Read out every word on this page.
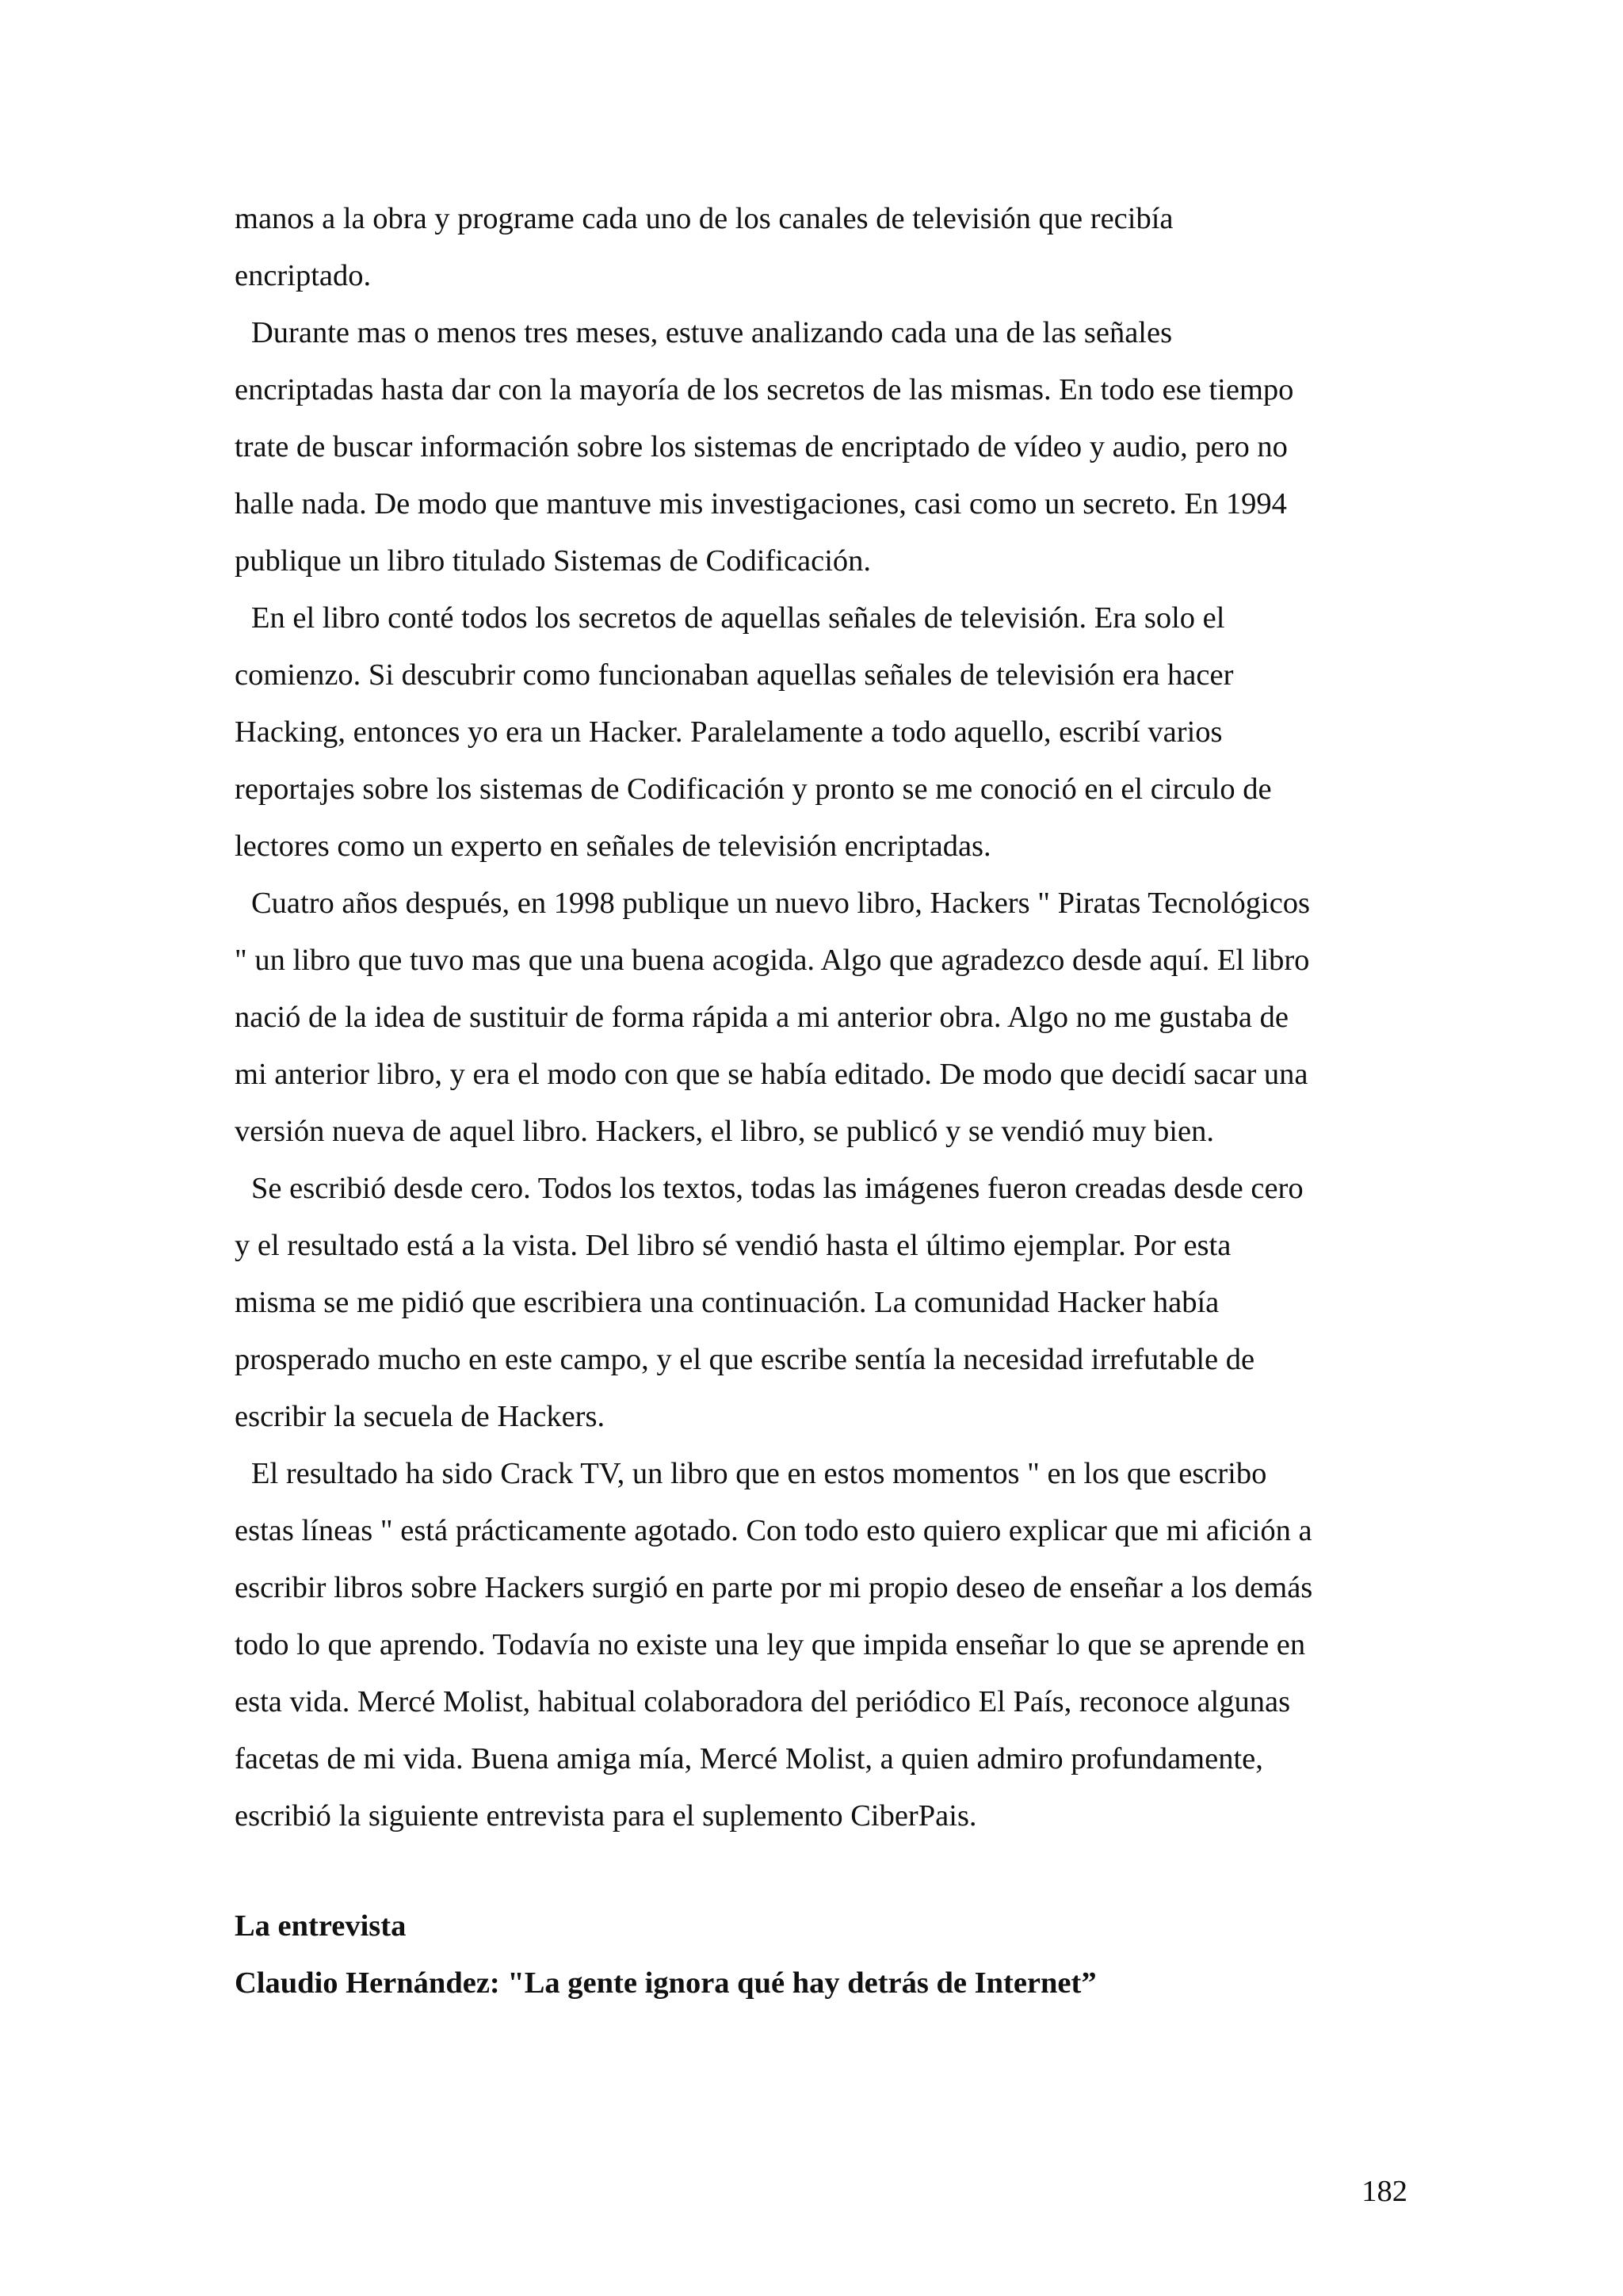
manos a la obra y programe cada uno de los canales de televisión que recibía
encriptado.
Durante mas o menos tres meses, estuve analizando cada una de las señales
encriptadas hasta dar con la mayoría de los secretos de las mismas. En todo ese tiempo
trate de buscar información sobre los sistemas de encriptado de vídeo y audio, pero no
halle nada. De modo que mantuve mis investigaciones, casi como un secreto. En 1994
publique un libro titulado Sistemas de Codificación.
En el libro conté todos los secretos de aquellas señales de televisión. Era solo el
comienzo. Si descubrir como funcionaban aquellas señales de televisión era hacer
Hacking, entonces yo era un Hacker. Paralelamente a todo aquello, escribí varios
reportajes sobre los sistemas de Codificación y pronto se me conoció en el circulo de
lectores como un experto en señales de televisión encriptadas.
Cuatro años después, en 1998 publique un nuevo libro, Hackers " Piratas Tecnológicos
" un libro que tuvo mas que una buena acogida. Algo que agradezco desde aquí. El libro
nació de la idea de sustituir de forma rápida a mi anterior obra. Algo no me gustaba de
mi anterior libro, y era el modo con que se había editado. De modo que decidí sacar una
versión nueva de aquel libro. Hackers, el libro, se publicó y se vendió muy bien.
Se escribió desde cero. Todos los textos, todas las imágenes fueron creadas desde cero
y el resultado está a la vista. Del libro sé vendió hasta el último ejemplar. Por esta
misma se me pidió que escribiera una continuación. La comunidad Hacker había
prosperado mucho en este campo, y el que escribe sentía la necesidad irrefutable de
escribir la secuela de Hackers.
El resultado ha sido Crack TV, un libro que en estos momentos " en los que escribo
estas líneas " está prácticamente agotado. Con todo esto quiero explicar que mi afición a
escribir libros sobre Hackers surgió en parte por mi propio deseo de enseñar a los demás
todo lo que aprendo. Todavía no existe una ley que impida enseñar lo que se aprende en
esta vida. Mercé Molist, habitual colaboradora del periódico El País, reconoce algunas
facetas de mi vida. Buena amiga mía, Mercé Molist, a quien admiro profundamente,
escribió la siguiente entrevista para el suplemento CiberPais.
La entrevista
Claudio Hernández: "La gente ignora qué hay detrás de Internet”
182
